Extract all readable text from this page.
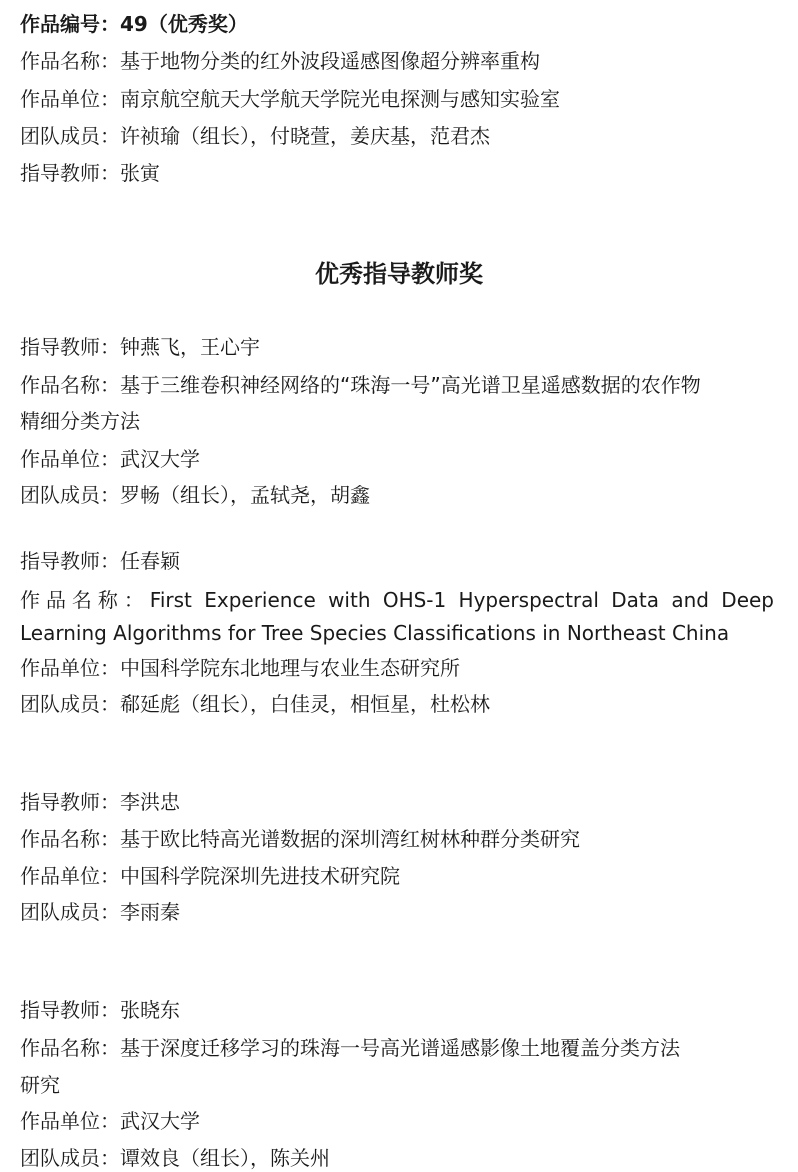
作品编号：49（优秀奖）
作品名称：基于地物分类的红外波段遥感图像超分辨率重构
作品单位：南京航空航天大学航天学院光电探测与感知实验室
团队成员：许祯瑜（组长），付晓萱，姜庆基，范君杰
指导教师：张寅
优秀指导教师奖
指导教师：钟燕飞，王心宇
作品名称：基于三维卷积神经网络的“珠海一号”高光谱卫星遥感数据的农作物
精细分类方法
作品单位：武汉大学
团队成员：罗畅（组长），孟轼尧，胡鑫
指导教师：任春颖
作品名称：First Experience with OHS-1 Hyperspectral Data and Deep
Learning Algorithms for Tree Species Classifications in Northeast China
作品单位：中国科学院东北地理与农业生态研究所
团队成员：郗延彪（组长），白佳灵，相恒星，杜松林
指导教师：李洪忠
作品名称：基于欧比特高光谱数据的深圳湾红树林种群分类研究
作品单位：中国科学院深圳先进技术研究院
团队成员：李雨秦
指导教师：张晓东
作品名称：基于深度迁移学习的珠海一号高光谱遥感影像土地覆盖分类方法
研究
作品单位：武汉大学
团队成员：谭效良（组长），陈关州
